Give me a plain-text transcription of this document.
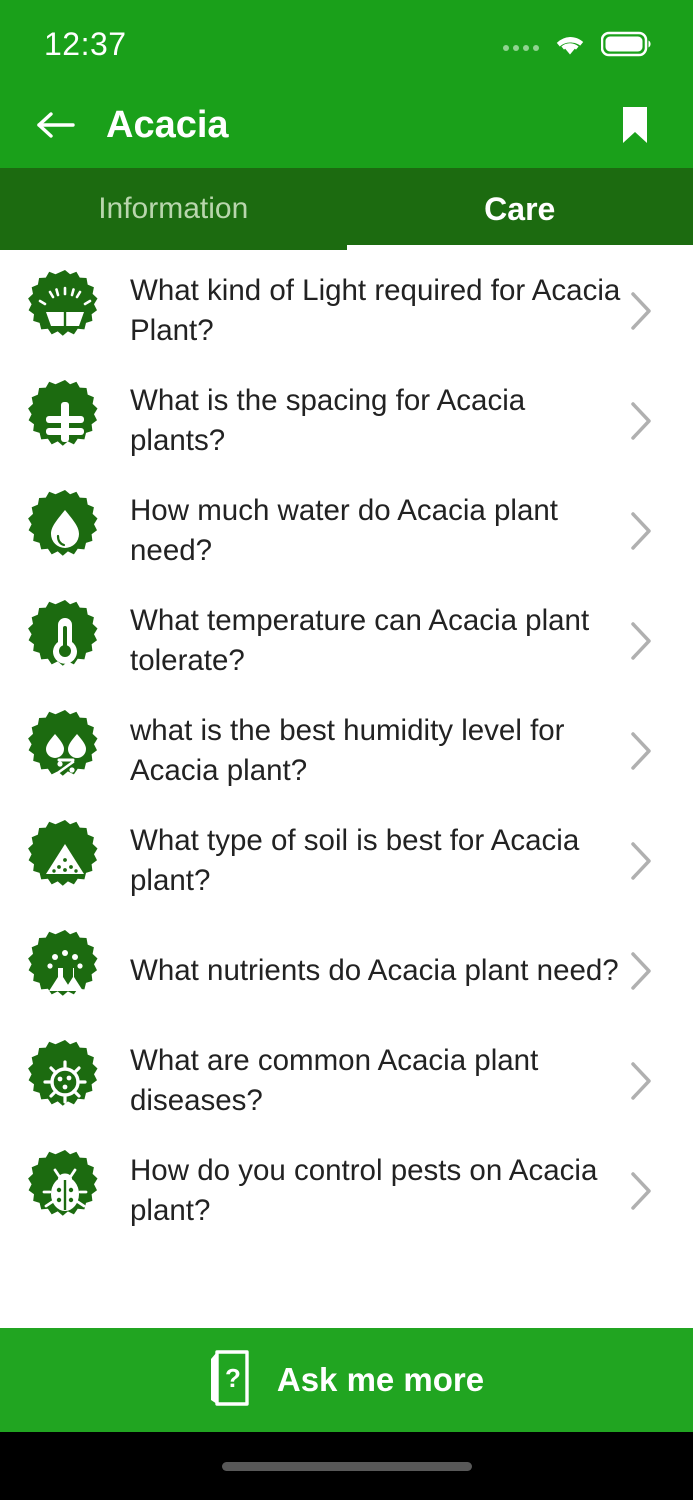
12:37
Acacia
Information	Care
What kind of Light required for Acacia Plant?
What is the spacing for Acacia plants?
How much water do Acacia plant need?
What temperature can Acacia plant tolerate?
what is the best humidity level for Acacia plant?
What type of soil is best for Acacia plant?
What nutrients do Acacia plant need?
What are common Acacia plant diseases?
How do you control pests on Acacia plant?
? Ask me more
